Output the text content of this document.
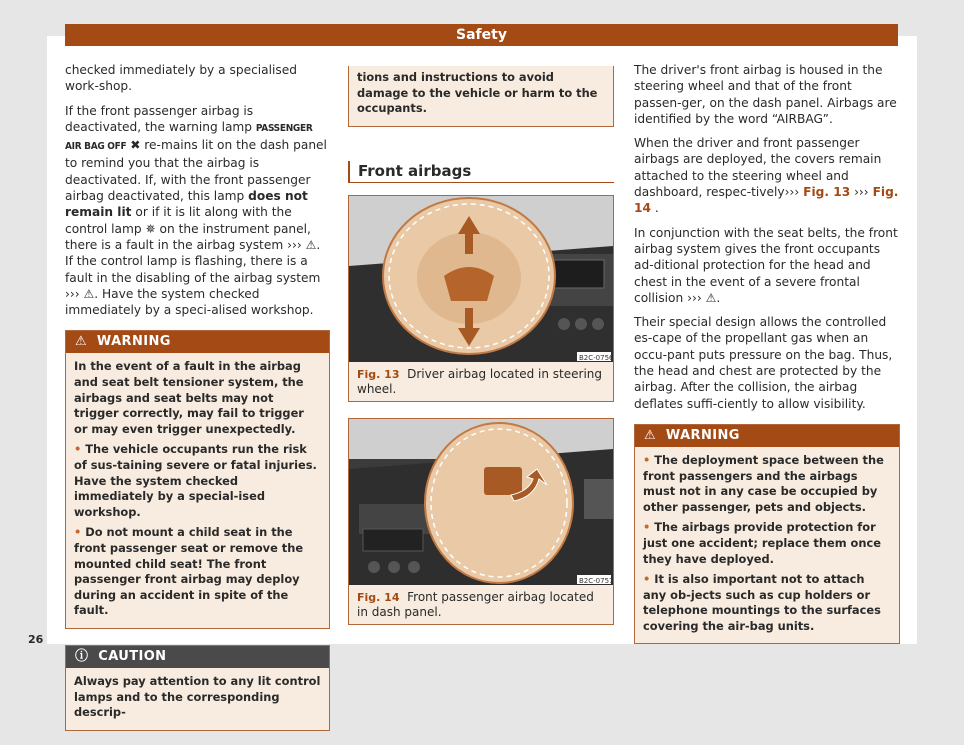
Safety

checked immediately by a specialised work-shop.

If the front passenger airbag is deactivated, the warning lamp PASSENGER AIR BAG OFF ✖ re-mains lit on the dash panel to remind you that the airbag is deactivated. If, with the front passenger airbag deactivated, this lamp does not remain lit or if it is lit along with the control lamp ✵ on the instrument panel, there is a fault in the airbag system ››› ⚠. If the control lamp is flashing, there is a fault in the disabling of the airbag system ››› ⚠. Have the system checked immediately by a speci-alised workshop.

⚠ WARNING

In the event of a fault in the airbag and seat belt tensioner system, the airbags and seat belts may not trigger correctly, may fail to trigger or may even trigger unexpectedly.

• The vehicle occupants run the risk of sus-taining severe or fatal injuries. Have the system checked immediately by a special-ised workshop.

• Do not mount a child seat in the front passenger seat or remove the mounted child seat! The front passenger front airbag may deploy during an accident in spite of the fault.

ⓘ CAUTION

Always pay attention to any lit control lamps and to the corresponding descrip-

tions and instructions to avoid damage to the vehicle or harm to the occupants.

Front airbags
B2C-0756
Fig. 13 Driver airbag located in steering wheel.
B2C-0757
Fig. 14 Front passenger airbag located in dash panel.

The driver's front airbag is housed in the steering wheel and that of the front passen-ger, on the dash panel. Airbags are identified by the word “AIRBAG”.

When the driver and front passenger airbags are deployed, the covers remain attached to the steering wheel and dashboard, respec-tively››› Fig. 13 ››› Fig. 14 .

In conjunction with the seat belts, the front airbag system gives the front occupants ad-ditional protection for the head and chest in the event of a severe frontal collision ››› ⚠.

Their special design allows the controlled es-cape of the propellant gas when an occu-pant puts pressure on the bag. Thus, the head and chest are protected by the airbag. After the collision, the airbag deflates suffi-ciently to allow visibility.

⚠ WARNING

• The deployment space between the front passengers and the airbags must not in any case be occupied by other passenger, pets and objects.

• The airbags provide protection for just one accident; replace them once they have deployed.

• It is also important not to attach any ob-jects such as cup holders or telephone mountings to the surfaces covering the air-bag units.

26
